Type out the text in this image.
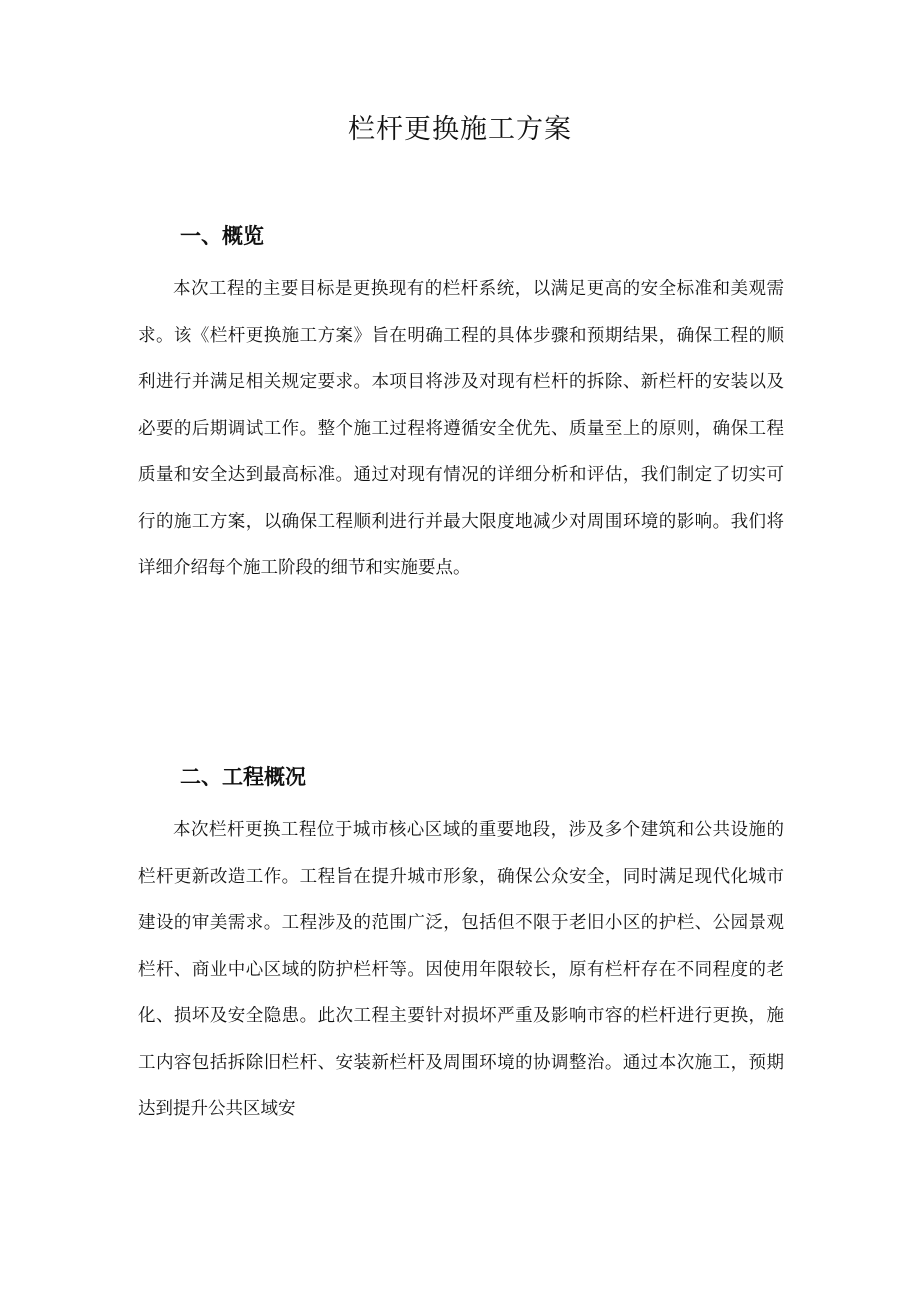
栏杆更换施工方案
一、概览

本次工程的主要目标是更换现有的栏杆系统，以满足更高的安全标准和美观需求。该《栏杆更换施工方案》旨在明确工程的具体步骤和预期结果，确保工程的顺利进行并满足相关规定要求。本项目将涉及对现有栏杆的拆除、新栏杆的安装以及必要的后期调试工作。整个施工过程将遵循安全优先、质量至上的原则，确保工程质量和安全达到最高标准。通过对现有情况的详细分析和评估，我们制定了切实可行的施工方案，以确保工程顺利进行并最大限度地减少对周围环境的影响。我们将详细介绍每个施工阶段的细节和实施要点。

二、工程概况

本次栏杆更换工程位于城市核心区域的重要地段，涉及多个建筑和公共设施的栏杆更新改造工作。工程旨在提升城市形象，确保公众安全，同时满足现代化城市建设的审美需求。工程涉及的范围广泛，包括但不限于老旧小区的护栏、公园景观栏杆、商业中心区域的防护栏杆等。因使用年限较长，原有栏杆存在不同程度的老化、损坏及安全隐患。此次工程主要针对损坏严重及影响市容的栏杆进行更换，施工内容包括拆除旧栏杆、安装新栏杆及周围环境的协调整治。通过本次施工，预期达到提升公共区域安
